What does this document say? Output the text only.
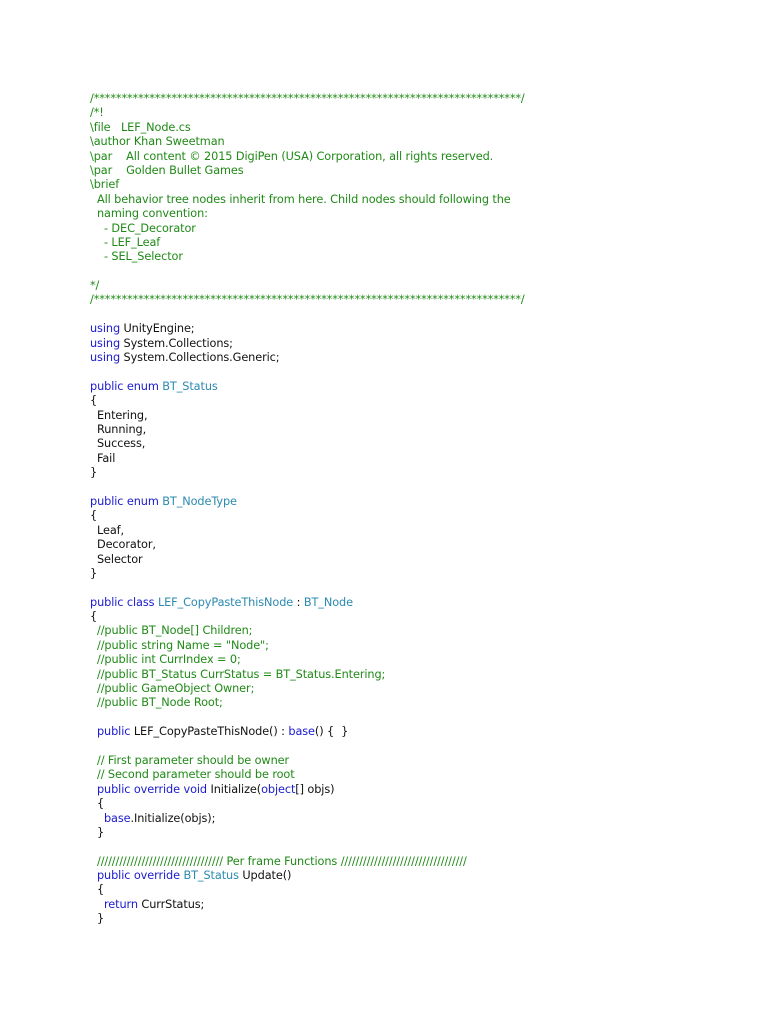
/*****************************************************************************/
/*!
\file   LEF_Node.cs
\author Khan Sweetman
\par    All content © 2015 DigiPen (USA) Corporation, all rights reserved.
\par    Golden Bullet Games
\brief
All behavior tree nodes inherit from here. Child nodes should following the
naming convention:
- DEC_Decorator
- LEF_Leaf
- SEL_Selector

*/
/*****************************************************************************/

using UnityEngine;
using System.Collections;
using System.Collections.Generic;

public enum BT_Status
{
Entering,
Running,
Success,
Fail
}

public enum BT_NodeType
{
Leaf,
Decorator,
Selector
}

public class LEF_CopyPasteThisNode : BT_Node
{
//public BT_Node[] Children;
//public string Name = "Node";
//public int CurrIndex = 0;
//public BT_Status CurrStatus = BT_Status.Entering;
//public GameObject Owner;
//public BT_Node Root;

public LEF_CopyPasteThisNode() : base() {  }

// First parameter should be owner
// Second parameter should be root
public override void Initialize(object[] objs)
{
base.Initialize(objs);
}

////////////////////////////////// Per frame Functions //////////////////////////////////
public override BT_Status Update()
{
return CurrStatus;
}
